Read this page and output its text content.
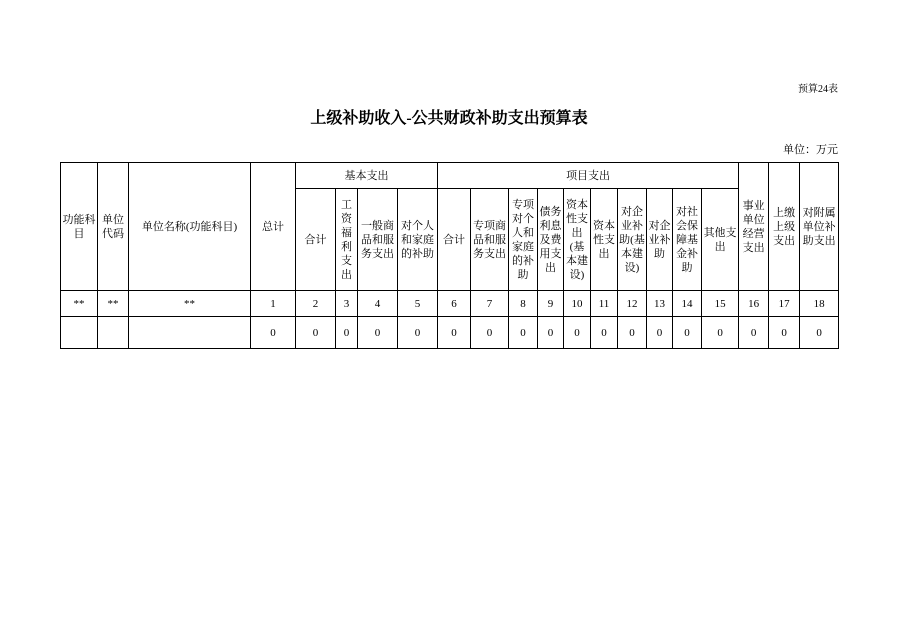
预算24表
上级补助收入-公共财政补助支出预算表
单位：万元
功能科目	单位代码	单位名称(功能科目)	总计	基本支出				项目支出										事业单位经营支出	上缴上级支出	对附属单位补助支出
				合计	工资福利支出	一般商品和服务支出	对个人和家庭的补助	合计	专项商品和服务支出	专项对个人和家庭的补助	债务利息及费用支出	资本性支出(基本建设)	资本性支出	对企业补助(基本建设)	对企业补助	对社会保障基金补助	其他支出			
**	**	**	1	2	3	4	5	6	7	8	9	10	11	12	13	14	15	16	17	18
			0	0	0	0	0	0	0	0	0	0	0	0	0	0	0	0	0	0
